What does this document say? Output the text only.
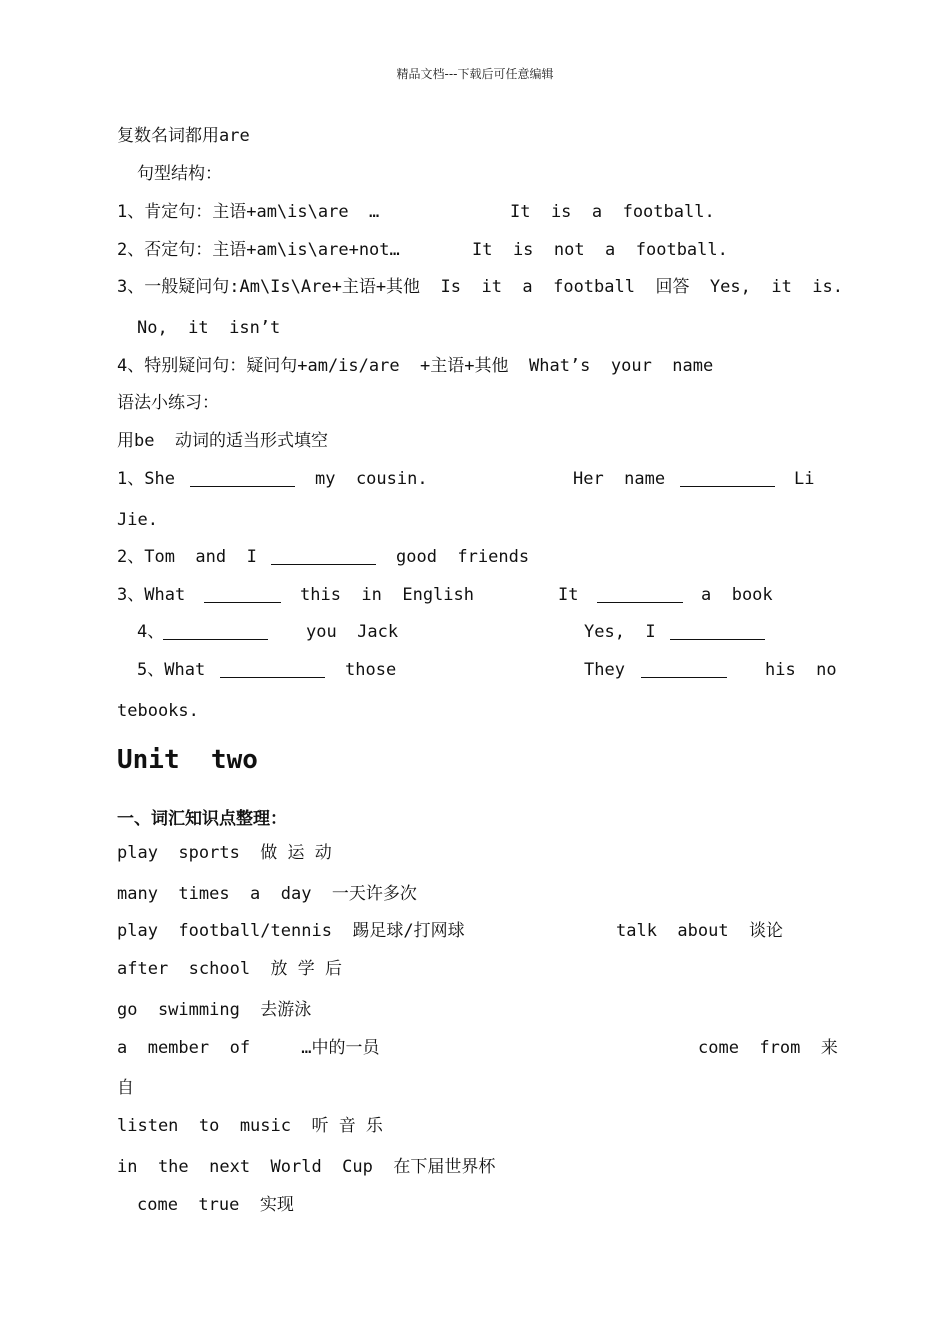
精品文档---下载后可任意编辑
复数名词都用are
句型结构：
1、肯定句：主语+am\is\are  …	It  is  a  football.
2、否定句：主语+am\is\are+not…	It  is  not  a  football.
3、一般疑问句:Am\Is\Are+主语+其他  Is  it  a  football  回答  Yes,  it  is.
No,  it  isn’t
4、特别疑问句：疑问句+am/is/are  +主语+其他  What’s  your  name
语法小练习：
用be  动词的适当形式填空
1、She	my  cousin.	Her  name	Li
Jie.
2、Tom  and  I	good  friends
3、What	this  in  English	It	a  book
4、	you  Jack	Yes,  I
5、What	those	They	his  no
tebooks.
Unit  two
一、词汇知识点整理：
play  sports  做 运 动
many  times  a  day  一天许多次
play  football/tennis  踢足球/打网球	talk  about  谈论
after  school  放 学 后
go  swimming  去游泳
a  member  of     …中的一员	come  from  来
自
listen  to  music  听 音 乐
in  the  next  World  Cup  在下届世界杯
come  true  实现
